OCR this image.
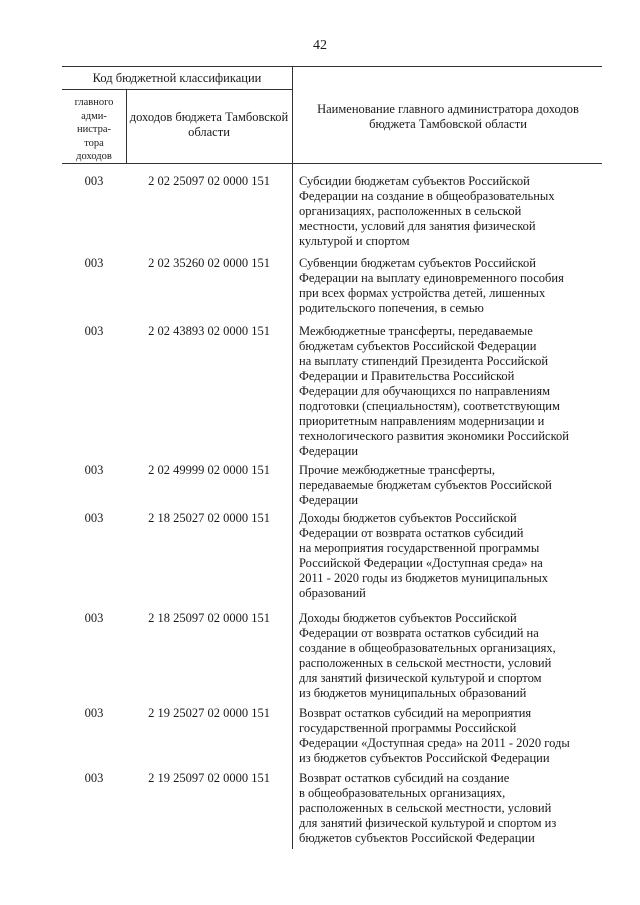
42
Код бюджетной классификации
главного
адми-
нистра-
тора
доходов
доходов бюджета Тамбовской области
Наименование главного администратора доходов бюджета Тамбовской области
003	2 02 25097 02 0000 151	Субсидии бюджетам субъектов Российской
Федерации на создание в общеобразовательных
организациях, расположенных в сельской
местности, условий для занятия физической
культурой и спортом
003	2 02 35260 02 0000 151	Субвенции бюджетам субъектов Российской
Федерации на выплату единовременного пособия
при всех формах устройства детей, лишенных
родительского попечения, в семью
003	2 02 43893 02 0000 151	Межбюджетные трансферты, передаваемые
бюджетам субъектов Российской Федерации
на выплату стипендий Президента Российской
Федерации и Правительства Российской
Федерации для обучающихся по направлениям
подготовки (специальностям), соответствующим
приоритетным направлениям модернизации и
технологического развития экономики Российской
Федерации
003	2 02 49999 02 0000 151	Прочие межбюджетные трансферты,
передаваемые бюджетам субъектов Российской
Федерации
003	2 18 25027 02 0000 151	Доходы бюджетов субъектов Российской
Федерации от возврата остатков субсидий
на мероприятия государственной программы
Российской Федерации «Доступная среда» на
2011 - 2020 годы из бюджетов муниципальных
образований
003	2 18 25097 02 0000 151	Доходы бюджетов субъектов Российской
Федерации от возврата остатков субсидий на
создание в общеобразовательных организациях,
расположенных в сельской местности, условий
для занятий физической культурой и спортом
из бюджетов муниципальных образований
003	2 19 25027 02 0000 151	Возврат остатков субсидий на мероприятия
государственной программы Российской
Федерации «Доступная среда» на 2011 - 2020 годы
из бюджетов субъектов Российской Федерации
003	2 19 25097 02 0000 151	Возврат остатков субсидий на создание
в общеобразовательных организациях,
расположенных в сельской местности, условий
для занятий физической культурой и спортом из
бюджетов субъектов Российской Федерации
